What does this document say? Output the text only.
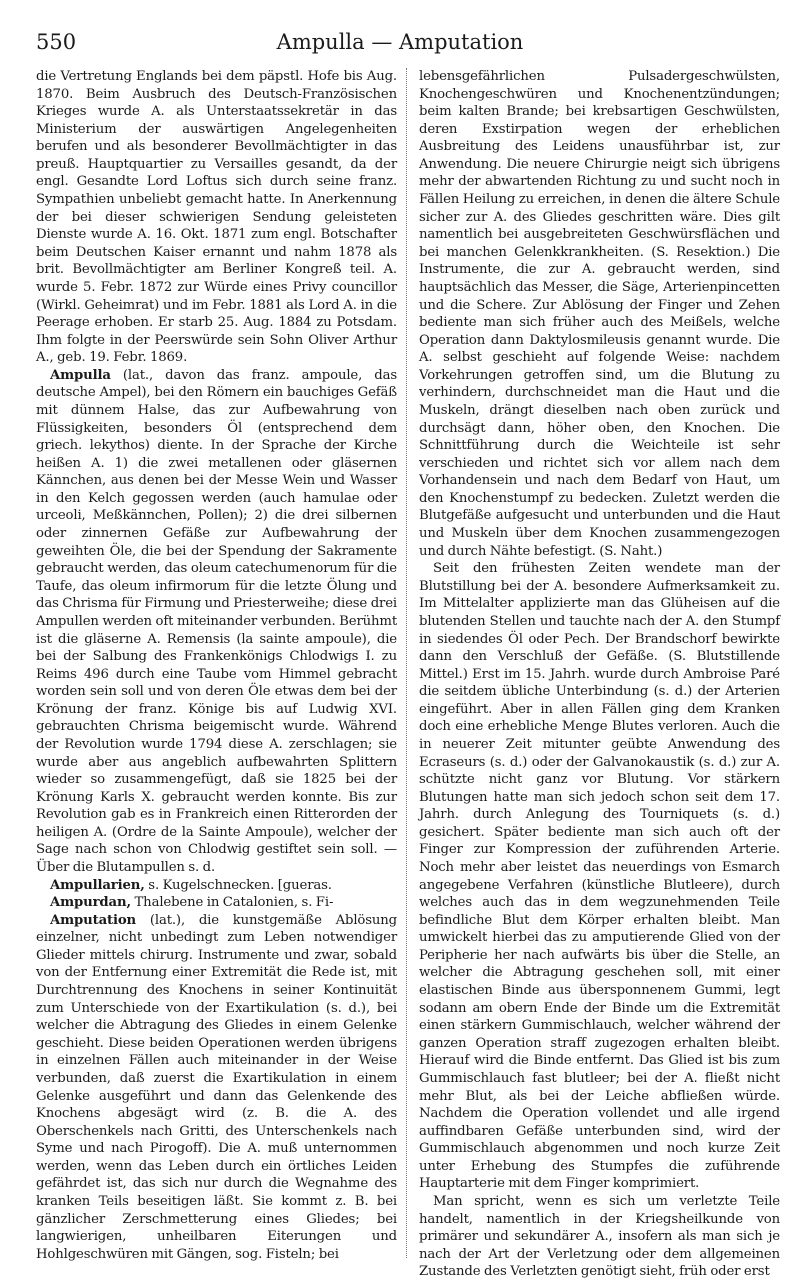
550	Ampulla — Amputation

die Vertretung Englands bei dem päpstl. Hofe bis Aug. 1870. Beim Ausbruch des Deutsch-Französischen Krieges wurde A. als Unterstaatssekretär in das Ministerium der auswärtigen Angelegenheiten berufen und als besonderer Bevollmächtigter in das preuß. Hauptquartier zu Versailles gesandt, da der engl. Gesandte Lord Loftus sich durch seine franz. Sympathien unbeliebt gemacht hatte. In Anerkennung der bei dieser schwierigen Sendung geleisteten Dienste wurde A. 16. Okt. 1871 zum engl. Botschafter beim Deutschen Kaiser ernannt und nahm 1878 als brit. Bevollmächtigter am Berliner Kongreß teil. A. wurde 5. Febr. 1872 zur Würde eines Privy councillor (Wirkl. Geheimrat) und im Febr. 1881 als Lord A. in die Peerage erhoben. Er starb 25. Aug. 1884 zu Potsdam. Ihm folgte in der Peerswürde sein Sohn Oliver Arthur A., geb. 19. Febr. 1869.

Ampulla (lat., davon das franz. ampoule, das deutsche Ampel), bei den Römern ein bauchiges Gefäß mit dünnem Halse, das zur Aufbewahrung von Flüssigkeiten, besonders Öl (entsprechend dem griech. lekythos) diente. In der Sprache der Kirche heißen A. 1) die zwei metallenen oder gläsernen Kännchen, aus denen bei der Messe Wein und Wasser in den Kelch gegossen werden (auch hamulae oder urceoli, Meßkännchen, Pollen); 2) die drei silbernen oder zinnernen Gefäße zur Aufbewahrung der geweihten Öle, die bei der Spendung der Sakramente gebraucht werden, das oleum catechumenorum für die Taufe, das oleum infirmorum für die letzte Ölung und das Chrisma für Firmung und Priesterweihe; diese drei Ampullen werden oft miteinander verbunden. Berühmt ist die gläserne A. Remensis (la sainte ampoule), die bei der Salbung des Frankenkönigs Chlodwigs I. zu Reims 496 durch eine Taube vom Himmel gebracht worden sein soll und von deren Öle etwas dem bei der Krönung der franz. Könige bis auf Ludwig XVI. gebrauchten Chrisma beigemischt wurde. Während der Revolution wurde 1794 diese A. zerschlagen; sie wurde aber aus angeblich aufbewahrten Splittern wieder so zusammengefügt, daß sie 1825 bei der Krönung Karls X. gebraucht werden konnte. Bis zur Revolution gab es in Frankreich einen Ritterorden der heiligen A. (Ordre de la Sainte Ampoule), welcher der Sage nach schon von Chlodwig gestiftet sein soll. — Über die Blutampullen s. d.

Ampullarien, s. Kugelschnecken. [gueras.

Ampurdan, Thalebene in Catalonien, s. Fi-

Amputation (lat.), die kunstgemäße Ablösung einzelner, nicht unbedingt zum Leben notwendiger Glieder mittels chirurg. Instrumente und zwar, sobald von der Entfernung einer Extremität die Rede ist, mit Durchtrennung des Knochens in seiner Kontinuität zum Unterschiede von der Exartikulation (s. d.), bei welcher die Abtragung des Gliedes in einem Gelenke geschieht. Diese beiden Operationen werden übrigens in einzelnen Fällen auch miteinander in der Weise verbunden, daß zuerst die Exartikulation in einem Gelenke ausgeführt und dann das Gelenkende des Knochens abgesägt wird (z. B. die A. des Oberschenkels nach Gritti, des Unterschenkels nach Syme und nach Pirogoff). Die A. muß unternommen werden, wenn das Leben durch ein örtliches Leiden gefährdet ist, das sich nur durch die Wegnahme des kranken Teils beseitigen läßt. Sie kommt z. B. bei gänzlicher Zerschmetterung eines Gliedes; bei langwierigen, unheilbaren Eiterungen und Hohlgeschwüren mit Gängen, sog. Fisteln; bei

lebensgefährlichen Pulsadergeschwülsten, Knochengeschwüren und Knochenentzündungen; beim kalten Brande; bei krebsartigen Geschwülsten, deren Exstirpation wegen der erheblichen Ausbreitung des Leidens unausführbar ist, zur Anwendung. Die neuere Chirurgie neigt sich übrigens mehr der abwartenden Richtung zu und sucht noch in Fällen Heilung zu erreichen, in denen die ältere Schule sicher zur A. des Gliedes geschritten wäre. Dies gilt namentlich bei ausgebreiteten Geschwürsflächen und bei manchen Gelenkkrankheiten. (S. Resektion.) Die Instrumente, die zur A. gebraucht werden, sind hauptsächlich das Messer, die Säge, Arterienpincetten und die Schere. Zur Ablösung der Finger und Zehen bediente man sich früher auch des Meißels, welche Operation dann Daktylosmileusis genannt wurde. Die A. selbst geschieht auf folgende Weise: nachdem Vorkehrungen getroffen sind, um die Blutung zu verhindern, durchschneidet man die Haut und die Muskeln, drängt dieselben nach oben zurück und durchsägt dann, höher oben, den Knochen. Die Schnittführung durch die Weichteile ist sehr verschieden und richtet sich vor allem nach dem Vorhandensein und nach dem Bedarf von Haut, um den Knochenstumpf zu bedecken. Zuletzt werden die Blutgefäße aufgesucht und unterbunden und die Haut und Muskeln über dem Knochen zusammengezogen und durch Nähte befestigt. (S. Naht.)

Seit den frühesten Zeiten wendete man der Blutstillung bei der A. besondere Aufmerksamkeit zu. Im Mittelalter applizierte man das Glüheisen auf die blutenden Stellen und tauchte nach der A. den Stumpf in siedendes Öl oder Pech. Der Brandschorf bewirkte dann den Verschluß der Gefäße. (S. Blutstillende Mittel.) Erst im 15. Jahrh. wurde durch Ambroise Paré die seitdem übliche Unterbindung (s. d.) der Arterien eingeführt. Aber in allen Fällen ging dem Kranken doch eine erhebliche Menge Blutes verloren. Auch die in neuerer Zeit mitunter geübte Anwendung des Ecraseurs (s. d.) oder der Galvanokaustik (s. d.) zur A. schützte nicht ganz vor Blutung. Vor stärkern Blutungen hatte man sich jedoch schon seit dem 17. Jahrh. durch Anlegung des Tourniquets (s. d.) gesichert. Später bediente man sich auch oft der Finger zur Kompression der zuführenden Arterie. Noch mehr aber leistet das neuerdings von Esmarch angegebene Verfahren (künstliche Blutleere), durch welches auch das in dem wegzunehmenden Teile befindliche Blut dem Körper erhalten bleibt. Man umwickelt hierbei das zu amputierende Glied von der Peripherie her nach aufwärts bis über die Stelle, an welcher die Abtragung geschehen soll, mit einer elastischen Binde aus übersponnenem Gummi, legt sodann am obern Ende der Binde um die Extremität einen stärkern Gummischlauch, welcher während der ganzen Operation straff zugezogen erhalten bleibt. Hierauf wird die Binde entfernt. Das Glied ist bis zum Gummischlauch fast blutleer; bei der A. fließt nicht mehr Blut, als bei der Leiche abfließen würde. Nachdem die Operation vollendet und alle irgend auffindbaren Gefäße unterbunden sind, wird der Gummischlauch abgenommen und noch kurze Zeit unter Erhebung des Stumpfes die zuführende Hauptarterie mit dem Finger komprimiert.

Man spricht, wenn es sich um verletzte Teile handelt, namentlich in der Kriegsheilkunde von primärer und sekundärer A., insofern als man sich je nach der Art der Verletzung oder dem allgemeinen Zustande des Verletzten genötigt sieht, früh oder erst
